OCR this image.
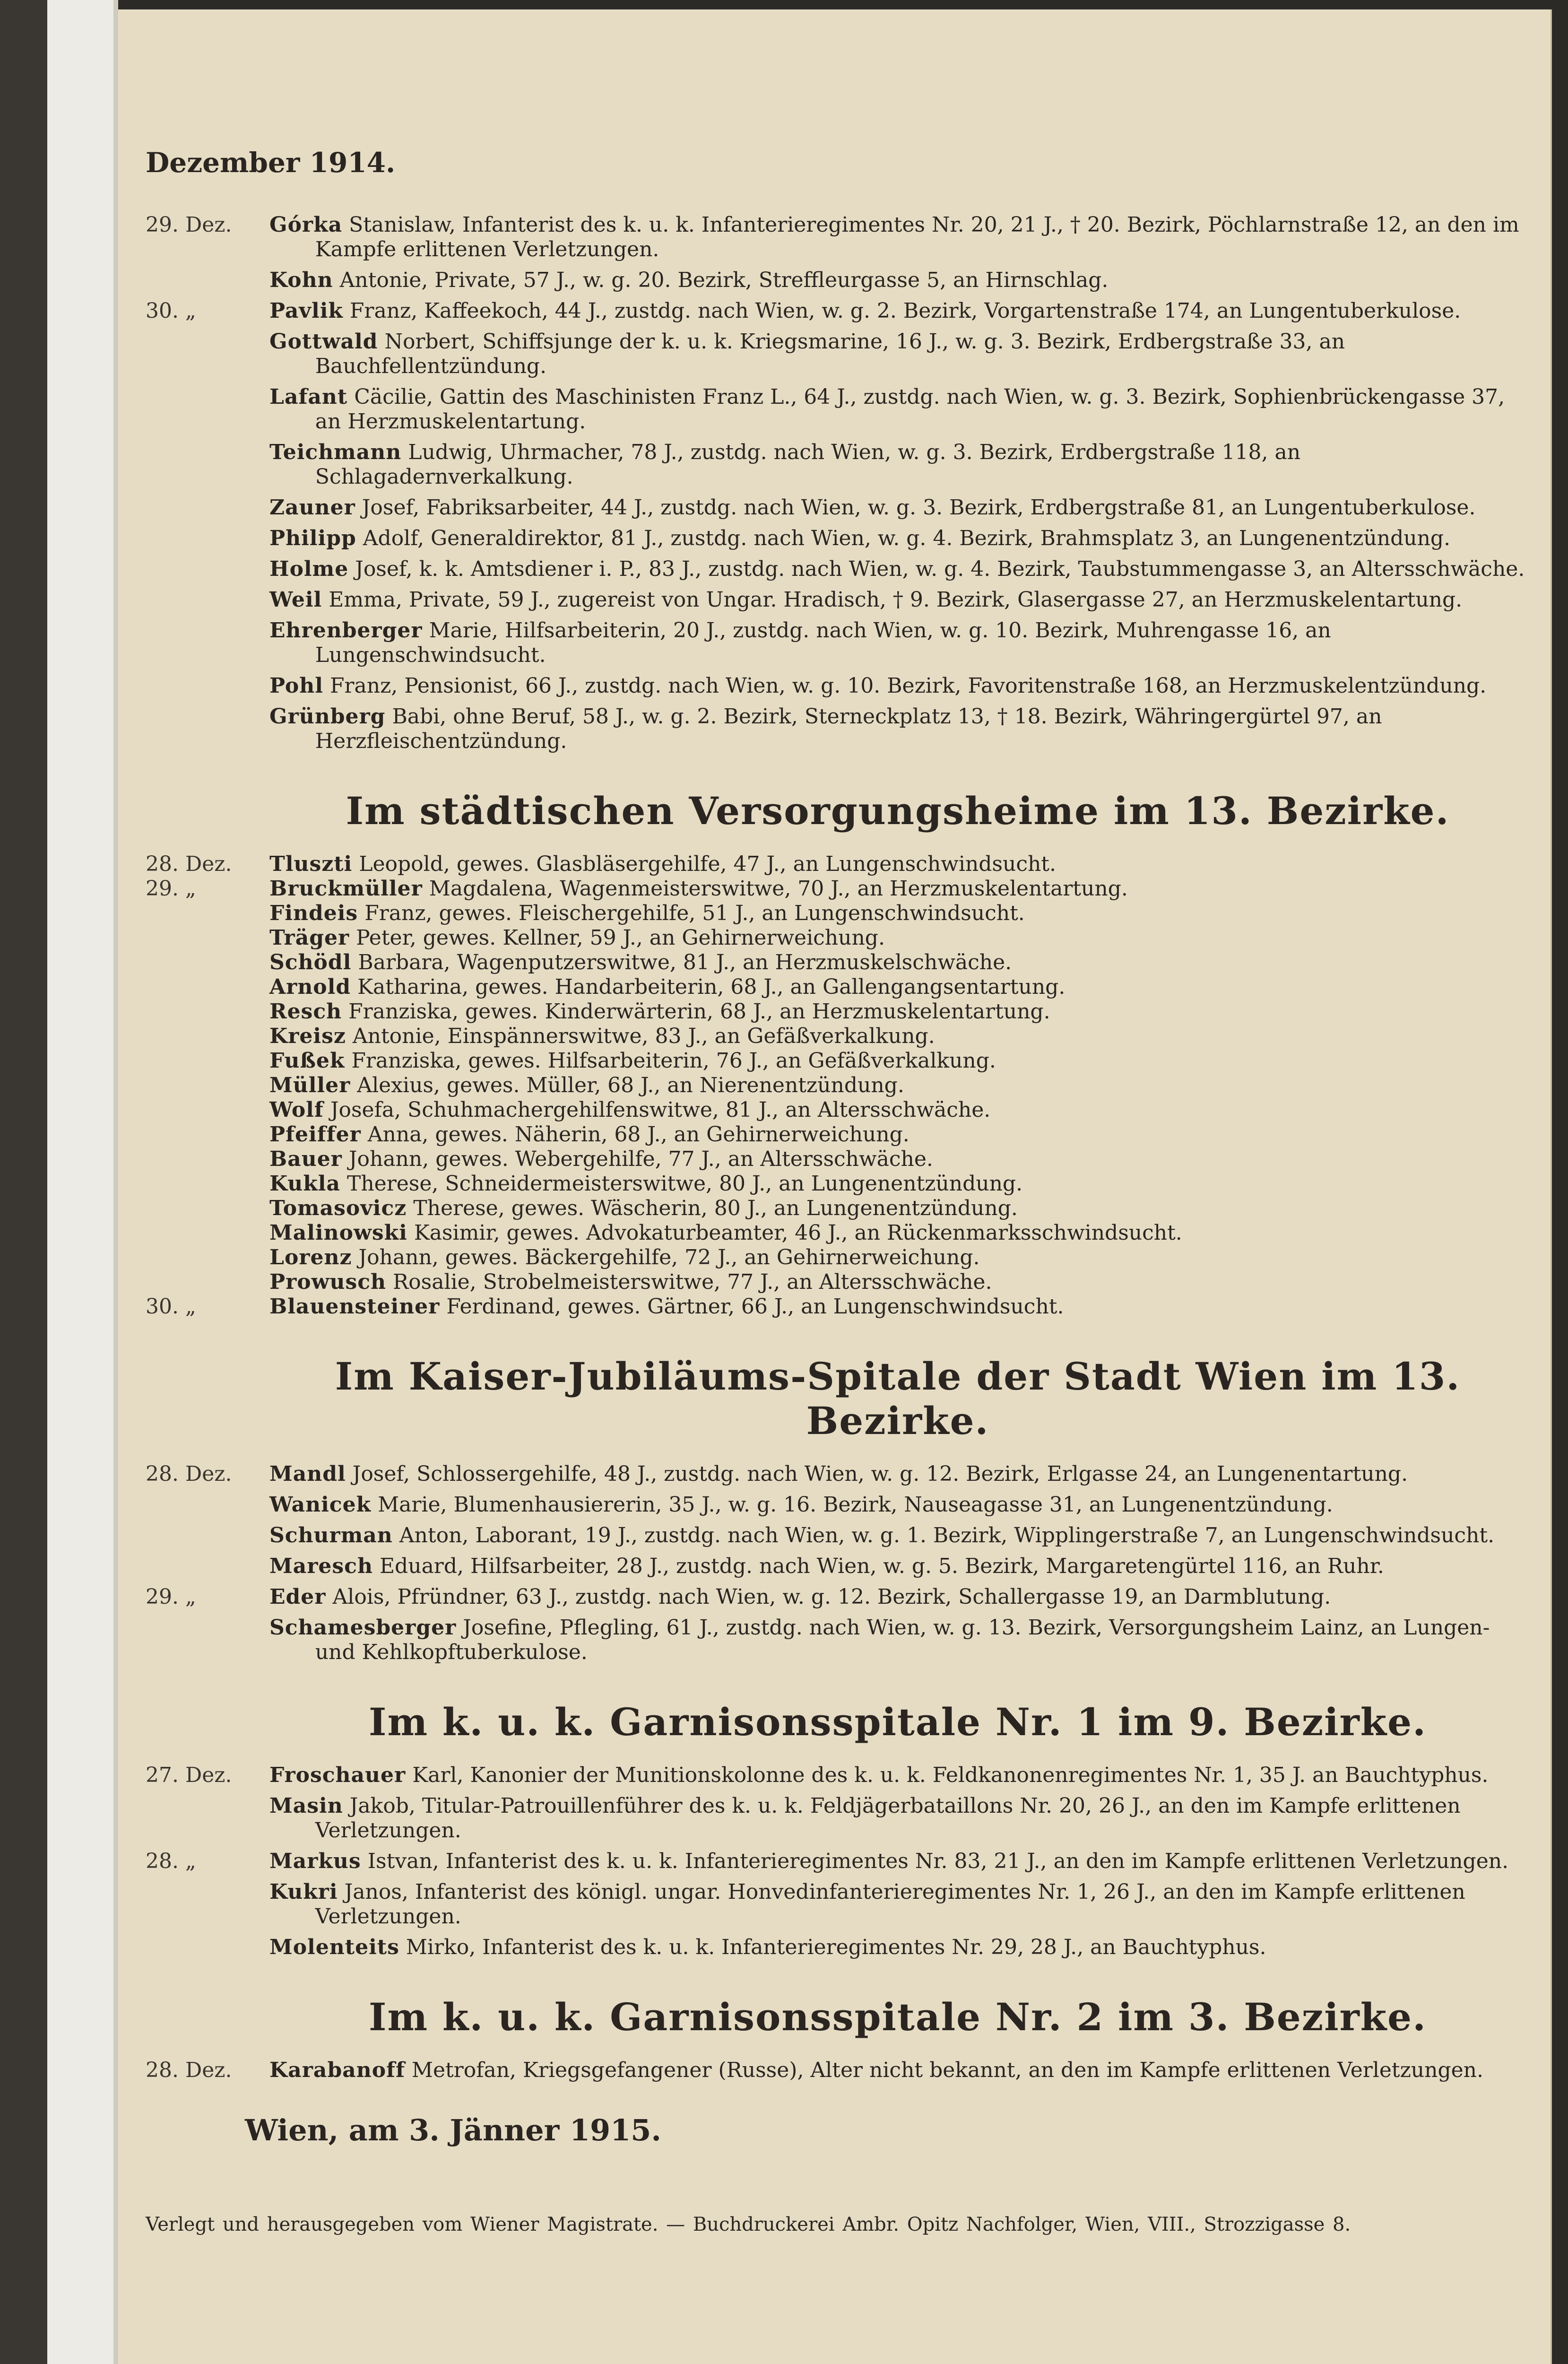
Dezember 1914.
29. Dez.	Górka Stanislaw, Infanterist des k. u. k. Infanterieregimentes Nr. 20, 21 J., † 20. Bezirk, Pöchlarnstraße 12, an den im Kampfe erlittenen Verletzungen.
Kohn Antonie, Private, 57 J., w. g. 20. Bezirk, Streffleurgasse 5, an Hirnschlag.
30. „	Pavlik Franz, Kaffeekoch, 44 J., zustdg. nach Wien, w. g. 2. Bezirk, Vorgartenstraße 174, an Lungentuberkulose.
Gottwald Norbert, Schiffsjunge der k. u. k. Kriegsmarine, 16 J., w. g. 3. Bezirk, Erdbergstraße 33, an Bauchfellentzündung.
Lafant Cäcilie, Gattin des Maschinisten Franz L., 64 J., zustdg. nach Wien, w. g. 3. Bezirk, Sophienbrückengasse 37, an Herzmuskelentartung.
Teichmann Ludwig, Uhrmacher, 78 J., zustdg. nach Wien, w. g. 3. Bezirk, Erdbergstraße 118, an Schlagadernverkalkung.
Zauner Josef, Fabriksarbeiter, 44 J., zustdg. nach Wien, w. g. 3. Bezirk, Erdbergstraße 81, an Lungentuberkulose.
Philipp Adolf, Generaldirektor, 81 J., zustdg. nach Wien, w. g. 4. Bezirk, Brahmsplatz 3, an Lungenentzündung.
Holme Josef, k. k. Amtsdiener i. P., 83 J., zustdg. nach Wien, w. g. 4. Bezirk, Taubstummengasse 3, an Altersschwäche.
Weil Emma, Private, 59 J., zugereist von Ungar. Hradisch, † 9. Bezirk, Glasergasse 27, an Herzmuskelentartung.
Ehrenberger Marie, Hilfsarbeiterin, 20 J., zustdg. nach Wien, w. g. 10. Bezirk, Muhrengasse 16, an Lungenschwindsucht.
Pohl Franz, Pensionist, 66 J., zustdg. nach Wien, w. g. 10. Bezirk, Favoritenstraße 168, an Herzmuskelentzündung.
Grünberg Babi, ohne Beruf, 58 J., w. g. 2. Bezirk, Sterneckplatz 13, † 18. Bezirk, Währingergürtel 97, an Herzfleischentzündung.
Im städtischen Versorgungsheime im 13. Bezirke.
28. Dez.	Tluszti Leopold, gewes. Glasbläsergehilfe, 47 J., an Lungenschwindsucht.
29. „	Bruckmüller Magdalena, Wagenmeisterswitwe, 70 J., an Herzmuskelentartung.
Findeis Franz, gewes. Fleischergehilfe, 51 J., an Lungenschwindsucht.
Träger Peter, gewes. Kellner, 59 J., an Gehirnerweichung.
Schödl Barbara, Wagenputzerswitwe, 81 J., an Herzmuskelschwäche.
Arnold Katharina, gewes. Handarbeiterin, 68 J., an Gallengangsentartung.
Resch Franziska, gewes. Kinderwärterin, 68 J., an Herzmuskelentartung.
Kreisz Antonie, Einspännerswitwe, 83 J., an Gefäßverkalkung.
Fußek Franziska, gewes. Hilfsarbeiterin, 76 J., an Gefäßverkalkung.
Müller Alexius, gewes. Müller, 68 J., an Nierenentzündung.
Wolf Josefa, Schuhmachergehilfenswitwe, 81 J., an Altersschwäche.
Pfeiffer Anna, gewes. Näherin, 68 J., an Gehirnerweichung.
Bauer Johann, gewes. Webergehilfe, 77 J., an Altersschwäche.
Kukla Therese, Schneidermeisterswitwe, 80 J., an Lungenentzündung.
Tomasovicz Therese, gewes. Wäscherin, 80 J., an Lungenentzündung.
Malinowski Kasimir, gewes. Advokaturbeamter, 46 J., an Rückenmarksschwindsucht.
Lorenz Johann, gewes. Bäckergehilfe, 72 J., an Gehirnerweichung.
Prowusch Rosalie, Strobelmeisterswitwe, 77 J., an Altersschwäche.
30. „	Blauensteiner Ferdinand, gewes. Gärtner, 66 J., an Lungenschwindsucht.
Im Kaiser-Jubiläums-Spitale der Stadt Wien im 13. Bezirke.
28. Dez.	Mandl Josef, Schlossergehilfe, 48 J., zustdg. nach Wien, w. g. 12. Bezirk, Erlgasse 24, an Lungenentartung.
Wanicek Marie, Blumenhausiererin, 35 J., w. g. 16. Bezirk, Nauseagasse 31, an Lungenentzündung.
Schurman Anton, Laborant, 19 J., zustdg. nach Wien, w. g. 1. Bezirk, Wipplingerstraße 7, an Lungenschwindsucht.
Maresch Eduard, Hilfsarbeiter, 28 J., zustdg. nach Wien, w. g. 5. Bezirk, Margaretengürtel 116, an Ruhr.
29. „	Eder Alois, Pfründner, 63 J., zustdg. nach Wien, w. g. 12. Bezirk, Schallergasse 19, an Darmblutung.
Schamesberger Josefine, Pflegling, 61 J., zustdg. nach Wien, w. g. 13. Bezirk, Versorgungsheim Lainz, an Lungen- und Kehlkopftuberkulose.
Im k. u. k. Garnisonsspitale Nr. 1 im 9. Bezirke.
27. Dez.	Froschauer Karl, Kanonier der Munitionskolonne des k. u. k. Feldkanonenregimentes Nr. 1, 35 J. an Bauchtyphus.
Masin Jakob, Titular-Patrouillenführer des k. u. k. Feldjägerbataillons Nr. 20, 26 J., an den im Kampfe erlittenen Verletzungen.
28. „	Markus Istvan, Infanterist des k. u. k. Infanterieregimentes Nr. 83, 21 J., an den im Kampfe erlittenen Verletzungen.
Kukri Janos, Infanterist des königl. ungar. Honvedinfanterieregimentes Nr. 1, 26 J., an den im Kampfe erlittenen Verletzungen.
Molenteits Mirko, Infanterist des k. u. k. Infanterieregimentes Nr. 29, 28 J., an Bauchtyphus.
Im k. u. k. Garnisonsspitale Nr. 2 im 3. Bezirke.
28. Dez.	Karabanoff Metrofan, Kriegsgefangener (Russe), Alter nicht bekannt, an den im Kampfe erlittenen Verletzungen.
Wien, am 3. Jänner 1915.
Verlegt und herausgegeben vom Wiener Magistrate. — Buchdruckerei Ambr. Opitz Nachfolger, Wien, VIII., Strozzigasse 8.
